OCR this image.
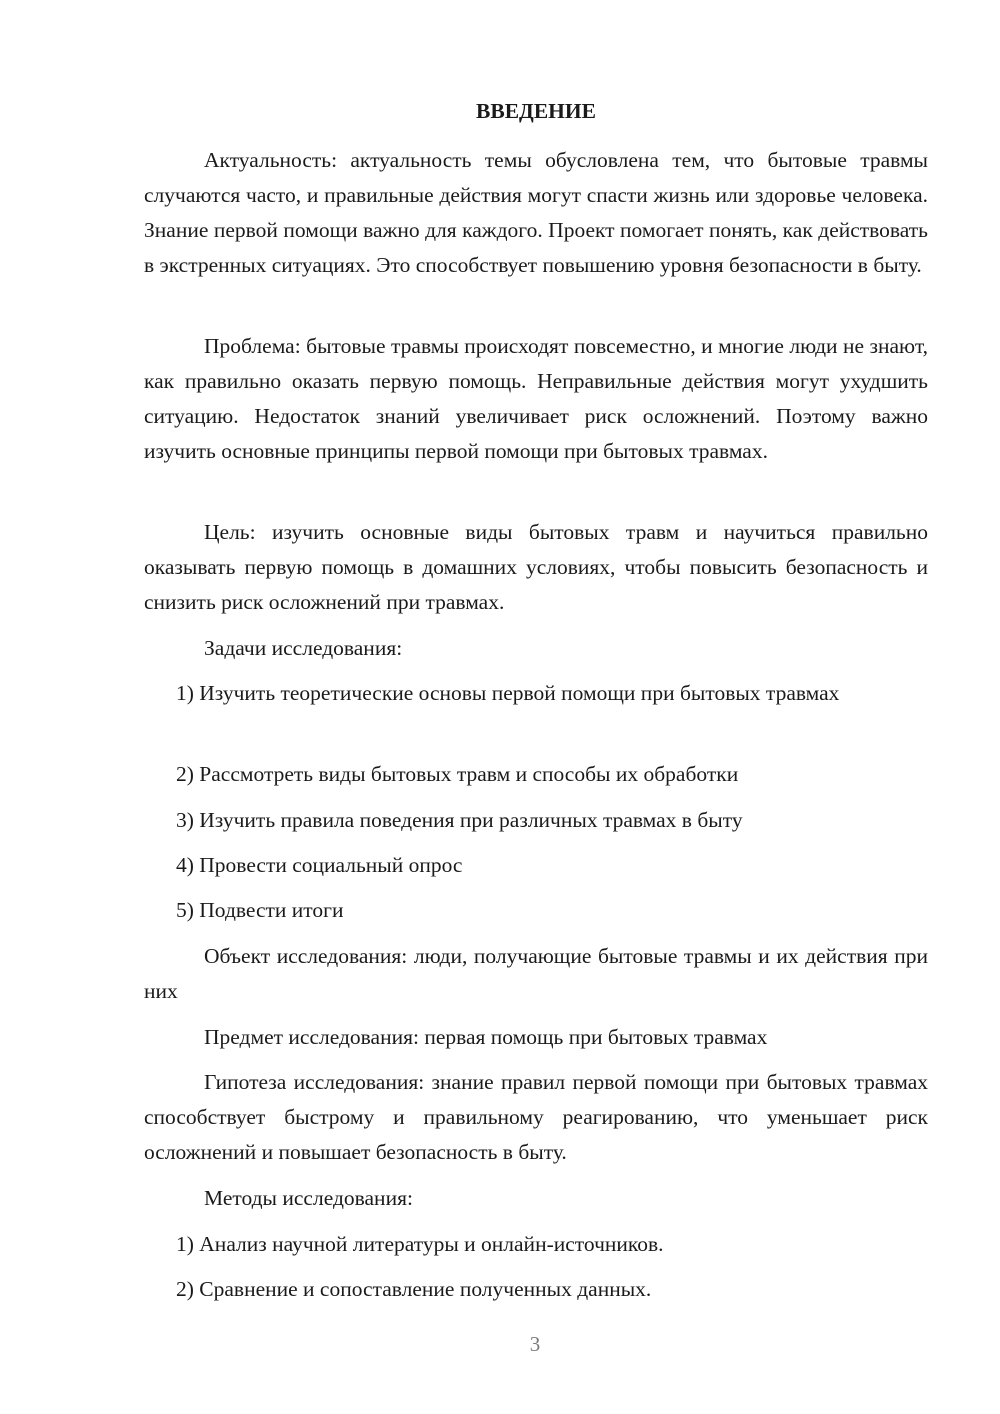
ВВЕДЕНИЕ

Актуальность: актуальность темы обусловлена тем, что бытовые травмы случаются часто, и правильные действия могут спасти жизнь или здоровье человека. Знание первой помощи важно для каждого. Проект помогает понять, как действовать в экстренных ситуациях. Это способствует повышению уровня безопасности в быту.

Проблема: бытовые травмы происходят повсеместно, и многие люди не знают, как правильно оказать первую помощь. Неправильные действия могут ухудшить ситуацию. Недостаток знаний увеличивает риск осложнений. Поэтому важно изучить основные принципы первой помощи при бытовых травмах.

Цель: изучить основные виды бытовых травм и научиться правильно оказывать первую помощь в домашних условиях, чтобы повысить безопасность и снизить риск осложнений при травмах.

Задачи исследования:

1) Изучить теоретические основы первой помощи при бытовых травмах

2) Рассмотреть виды бытовых травм и способы их обработки

3) Изучить правила поведения при различных травмах в быту

4) Провести социальный опрос

5) Подвести итоги

Объект исследования: люди, получающие бытовые травмы и их действия при них

Предмет исследования: первая помощь при бытовых травмах

Гипотеза исследования: знание правил первой помощи при бытовых травмах способствует быстрому и правильному реагированию, что уменьшает риск осложнений и повышает безопасность в быту.

Методы исследования:

1) Анализ научной литературы и онлайн-источников.

2) Сравнение и сопоставление полученных данных.

3
